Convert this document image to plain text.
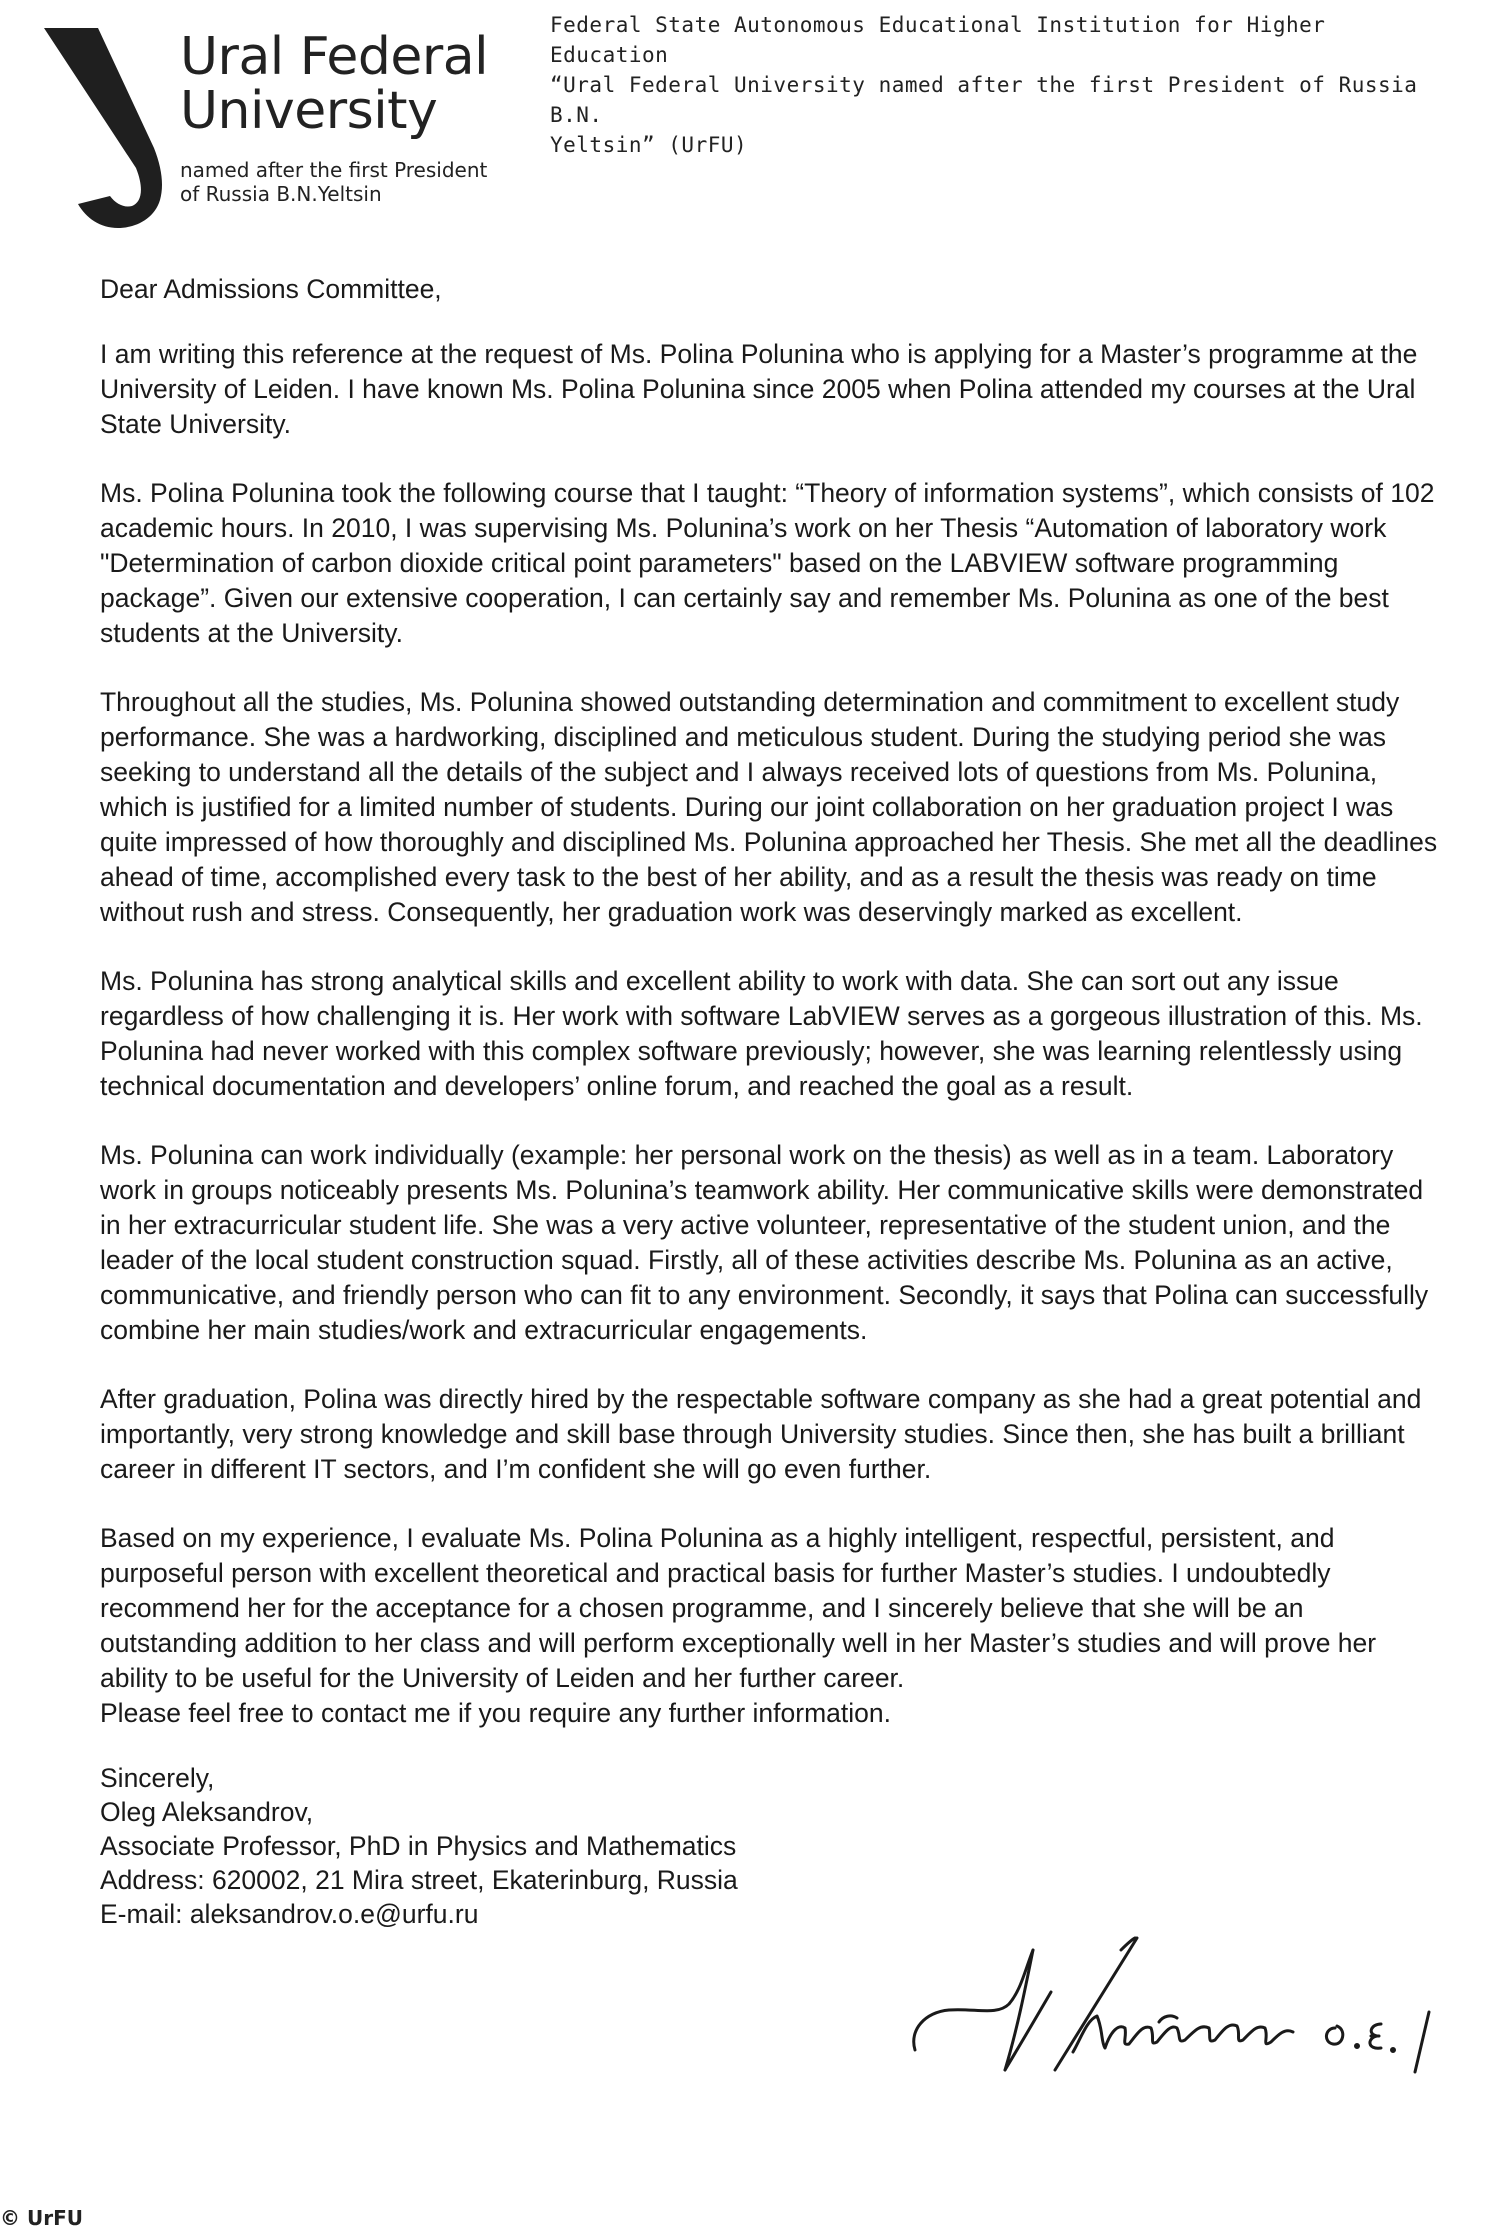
Ural Federal
University
named after the first President
of Russia B.N.Yeltsin
Federal State Autonomous Educational Institution for Higher Education
“Ural Federal University named after the first President of Russia B.N.
Yeltsin” (UrFU)

Dear Admissions Committee,

I am writing this reference at the request of Ms. Polina Polunina who is applying for a Master’s programme at the University of Leiden. I have known Ms. Polina Polunina since 2005 when Polina attended my courses at the Ural State University.

Ms. Polina Polunina took the following course that I taught: “Theory of information systems”, which consists of 102 academic hours. In 2010, I was supervising Ms. Polunina’s work on her Thesis “Automation of laboratory work "Determination of carbon dioxide critical point parameters" based on the LABVIEW software programming package”. Given our extensive cooperation, I can certainly say and remember Ms. Polunina as one of the best students at the University.

Throughout all the studies, Ms. Polunina showed outstanding determination and commitment to excellent study performance. She was a hardworking, disciplined and meticulous student. During the studying period she was seeking to understand all the details of the subject and I always received lots of questions from Ms. Polunina, which is justified for a limited number of students. During our joint collaboration on her graduation project I was quite impressed of how thoroughly and disciplined Ms. Polunina approached her Thesis. She met all the deadlines ahead of time, accomplished every task to the best of her ability, and as a result the thesis was ready on time without rush and stress. Consequently, her graduation work was deservingly marked as excellent.

Ms. Polunina has strong analytical skills and excellent ability to work with data. She can sort out any issue regardless of how challenging it is. Her work with software LabVIEW serves as a gorgeous illustration of this. Ms. Polunina had never worked with this complex software previously; however, she was learning relentlessly using technical documentation and developers’ online forum, and reached the goal as a result.

Ms. Polunina can work individually (example: her personal work on the thesis) as well as in a team. Laboratory work in groups noticeably presents Ms. Polunina’s teamwork ability. Her communicative skills were demonstrated in her extracurricular student life. She was a very active volunteer, representative of the student union, and the leader of the local student construction squad. Firstly, all of these activities describe Ms. Polunina as an active, communicative, and friendly person who can fit to any environment. Secondly, it says that Polina can successfully combine her main studies/work and extracurricular engagements.

After graduation, Polina was directly hired by the respectable software company as she had a great potential and importantly, very strong knowledge and skill base through University studies. Since then, she has built a brilliant career in different IT sectors, and I’m confident she will go even further.

Based on my experience, I evaluate Ms. Polina Polunina as a highly intelligent, respectful, persistent, and purposeful person with excellent theoretical and practical basis for further Master’s studies. I undoubtedly recommend her for the acceptance for a chosen programme, and I sincerely believe that she will be an outstanding addition to her class and will perform exceptionally well in her Master’s studies and will prove her ability to be useful for the University of Leiden and her further career.

Please feel free to contact me if you require any further information.

Sincerely,
Oleg Aleksandrov,
Associate Professor, PhD in Physics and Mathematics
Address: 620002, 21 Mira street, Ekaterinburg, Russia
E-mail: aleksandrov.o.e@urfu.ru
© UrFU
